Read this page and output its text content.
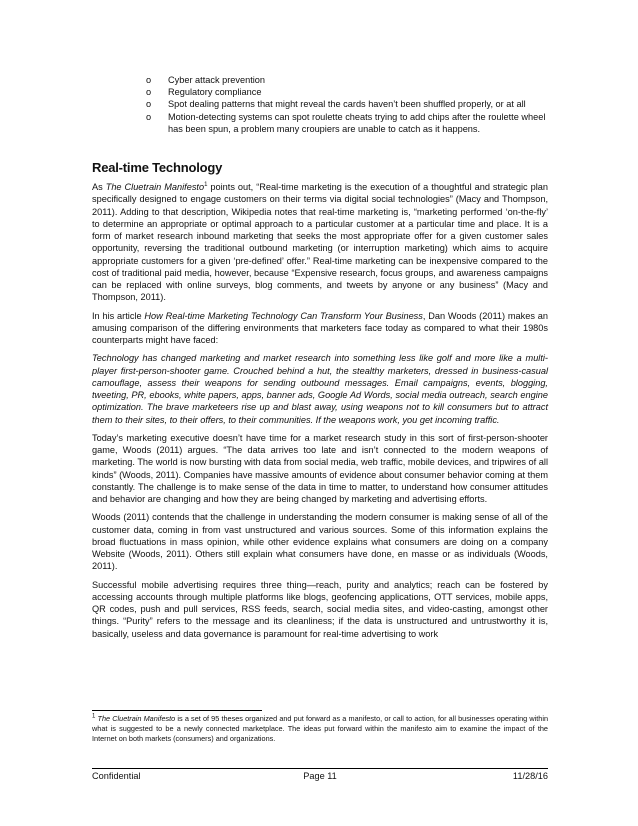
o Cyber attack prevention
o Regulatory compliance
o Spot dealing patterns that might reveal the cards haven’t been shuffled properly, or at all
o Motion-detecting systems can spot roulette cheats trying to add chips after the roulette wheel has been spun, a problem many croupiers are unable to catch as it happens.
Real-time Technology

As The Cluetrain Manifesto$^1$ points out, “Real-time marketing is the execution of a thoughtful and strategic plan specifically designed to engage customers on their terms via digital social technologies” (Macy and Thompson, 2011). Adding to that description, Wikipedia notes that real-time marketing is, “marketing performed ‘on-the-fly’ to determine an appropriate or optimal approach to a particular customer at a particular time and place. It is a form of market research inbound marketing that seeks the most appropriate offer for a given customer sales opportunity, reversing the traditional outbound marketing (or interruption marketing) which aims to acquire appropriate customers for a given ‘pre-defined’ offer.” Real-time marketing can be inexpensive compared to the cost of traditional paid media, however, because “Expensive research, focus groups, and awareness campaigns can be replaced with online surveys, blog comments, and tweets by anyone or any business” (Macy and Thompson, 2011).

In his article How Real-time Marketing Technology Can Transform Your Business, Dan Woods (2011) makes an amusing comparison of the differing environments that marketers face today as compared to what their 1980s counterparts might have faced:

Technology has changed marketing and market research into something less like golf and more like a multi-player first-person-shooter game. Crouched behind a hut, the stealthy marketers, dressed in business-casual camouflage, assess their weapons for sending outbound messages. Email campaigns, events, blogging, tweeting, PR, ebooks, white papers, apps, banner ads, Google Ad Words, social media outreach, search engine optimization. The brave marketeers rise up and blast away, using weapons not to kill consumers but to attract them to their sites, to their offers, to their communities. If the weapons work, you get incoming traffic.

Today’s marketing executive doesn’t have time for a market research study in this sort of first-person-shooter game, Woods (2011) argues. “The data arrives too late and isn’t connected to the modern weapons of marketing. The world is now bursting with data from social media, web traffic, mobile devices, and tripwires of all kinds” (Woods, 2011). Companies have massive amounts of evidence about consumer behavior coming at them constantly. The challenge is to make sense of the data in time to matter, to understand how consumer attitudes and behavior are changing and how they are being changed by marketing and advertising efforts.

Woods (2011) contends that the challenge in understanding the modern consumer is making sense of all of the customer data, coming in from vast unstructured and various sources. Some of this information explains the broad fluctuations in mass opinion, while other evidence explains what consumers are doing on a company Website (Woods, 2011). Others still explain what consumers have done, en masse or as individuals (Woods, 2011).

Successful mobile advertising requires three thing—reach, purity and analytics; reach can be fostered by accessing accounts through multiple platforms like blogs, geofencing applications, OTT services, mobile apps, QR codes, push and pull services, RSS feeds, search, social media sites, and video-casting, amongst other things. “Purity” refers to the message and its cleanliness; if the data is unstructured and untrustworthy it is, basically, useless and data governance is paramount for real-time advertising to work

$^1$ The Cluetrain Manifesto is a set of 95 theses organized and put forward as a manifesto, or call to action, for all businesses operating within what is suggested to be a newly connected marketplace. The ideas put forward within the manifesto aim to examine the impact of the Internet on both markets (consumers) and organizations.
Confidential	Page 11	11/28/16
